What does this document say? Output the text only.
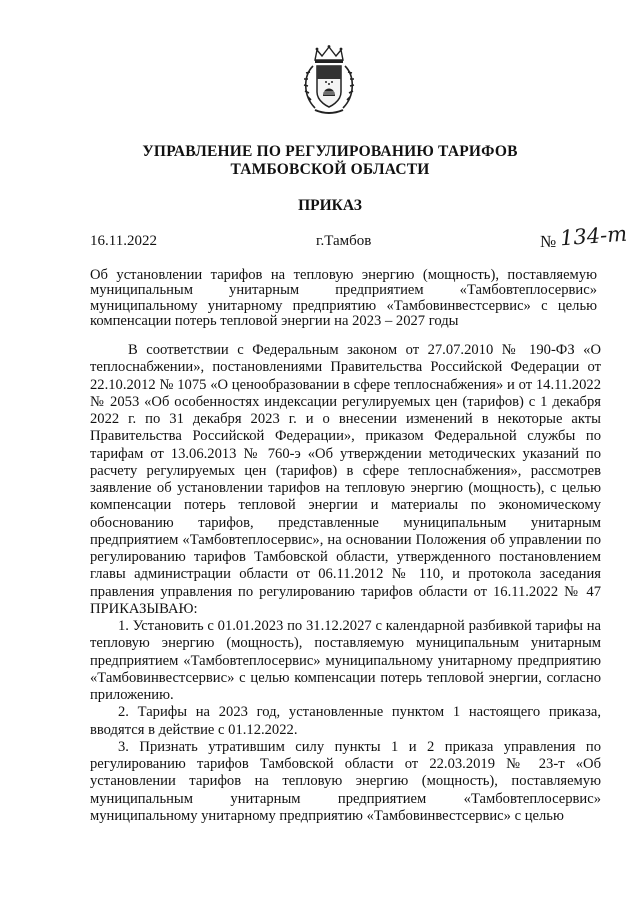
УПРАВЛЕНИЕ ПО РЕГУЛИРОВАНИЮ ТАРИФОВ
ТАМБОВСКОЙ ОБЛАСТИ
ПРИКАЗ
16.11.2022	г.Тамбов	№ 134-т
Об установлении тарифов на тепловую энергию (мощность), поставляемую муниципальным унитарным предприятием «Тамбовтеплосервис» муниципальному унитарному предприятию «Тамбовинвестсервис» с целью компенсации потерь тепловой энергии на 2023 – 2027 годы

В соответствии с Федеральным законом от 27.07.2010 № 190-ФЗ «О теплоснабжении», постановлениями Правительства Российской Федерации от 22.10.2012 № 1075 «О ценообразовании в сфере теплоснабжения» и от 14.11.2022 № 2053 «Об особенностях индексации регулируемых цен (тарифов) с 1 декабря 2022 г. по 31 декабря 2023 г. и о внесении изменений в некоторые акты Правительства Российской Федерации», приказом Федеральной службы по тарифам от 13.06.2013 № 760-э «Об утверждении методических указаний по расчету регулируемых цен (тарифов) в сфере теплоснабжения», рассмотрев заявление об установлении тарифов на тепловую энергию (мощность), с целью компенсации потерь тепловой энергии и материалы по экономическому обоснованию тарифов, представленные муниципальным унитарным предприятием «Тамбовтеплосервис», на основании Положения об управлении по регулированию тарифов Тамбовской области, утвержденного постановлением главы администрации области от 06.11.2012 № 110, и протокола заседания правления управления по регулированию тарифов области от 16.11.2022 № 47 ПРИКАЗЫВАЮ:

1. Установить с 01.01.2023 по 31.12.2027 с календарной разбивкой тарифы на тепловую энергию (мощность), поставляемую муниципальным унитарным предприятием «Тамбовтеплосервис» муниципальному унитарному предприятию «Тамбовинвестсервис» с целью компенсации потерь тепловой энергии, согласно приложению.

2. Тарифы на 2023 год, установленные пунктом 1 настоящего приказа, вводятся в действие с 01.12.2022.

3. Признать утратившим силу пункты 1 и 2 приказа управления по регулированию тарифов Тамбовской области от 22.03.2019 № 23-т «Об установлении тарифов на тепловую энергию (мощность), поставляемую муниципальным унитарным предприятием «Тамбовтеплосервис» муниципальному унитарному предприятию «Тамбовинвестсервис» с целью
